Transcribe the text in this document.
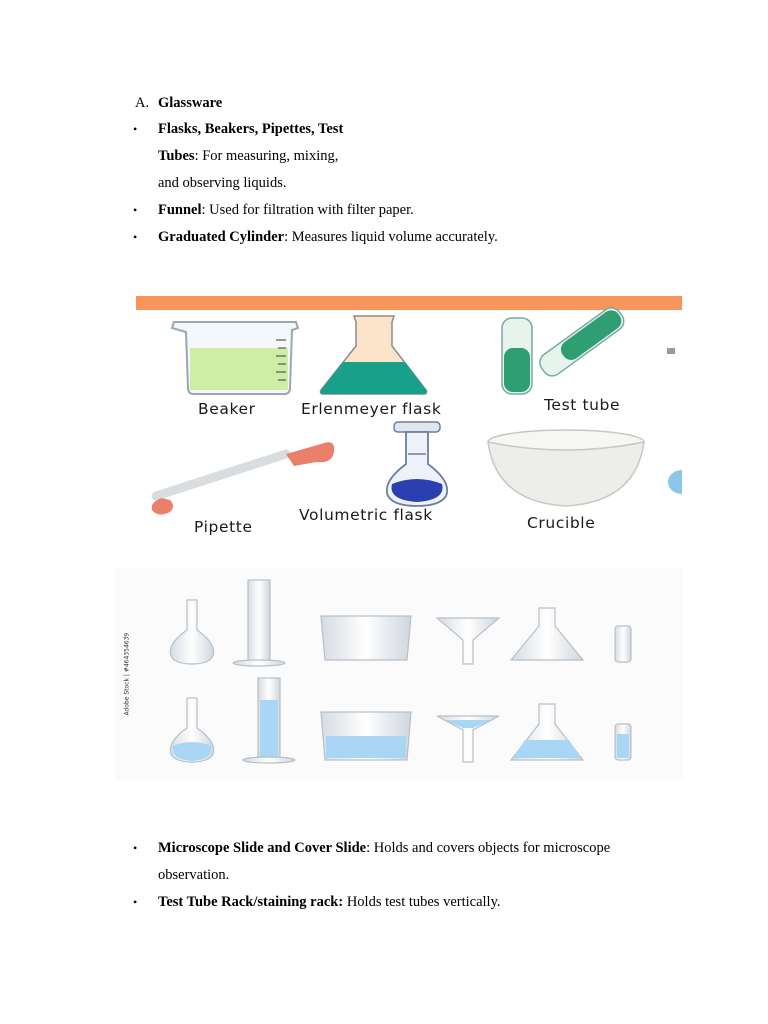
A. Glassware
• Flasks, Beakers, Pipettes, Test
Tubes: For measuring, mixing,
and observing liquids.
• Funnel: Used for filtration with filter paper.
• Graduated Cylinder: Measures liquid volume accurately.
Beaker	Erlenmeyer flask	Test tube
Pipette
Volumetric flask	Crucible
Adobe Stock | #464354639
• Microscope Slide and Cover Slide: Holds and covers objects for microscope
observation.
• Test Tube Rack/staining rack: Holds test tubes vertically.
